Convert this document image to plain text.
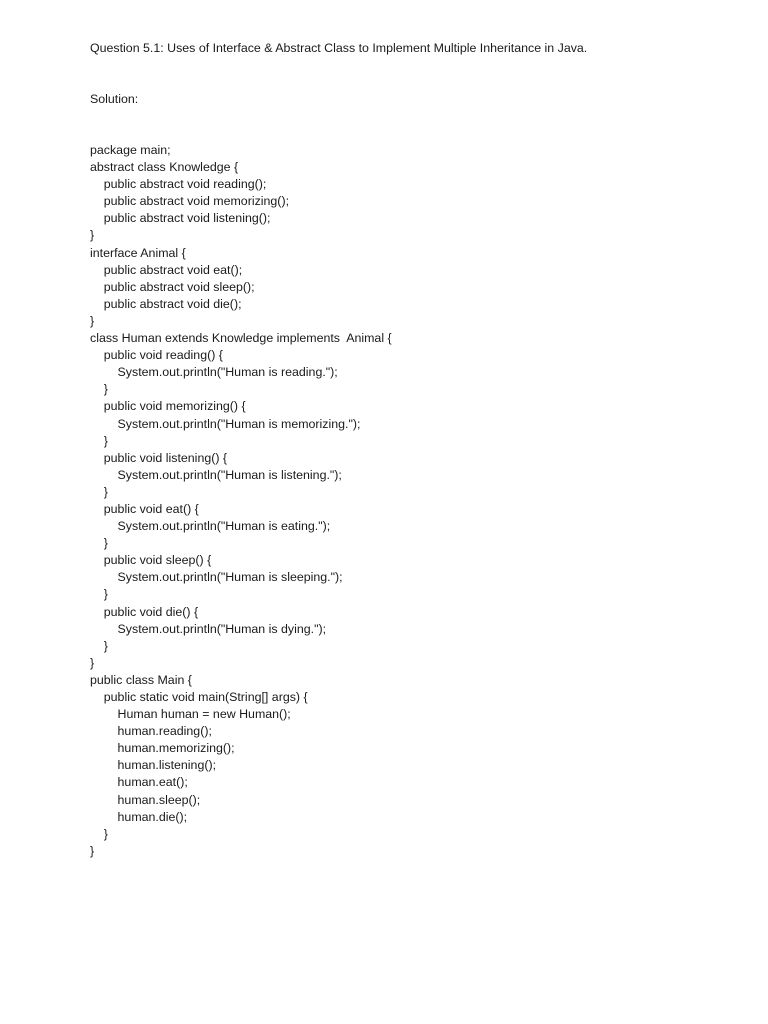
Question 5.1: Uses of Interface & Abstract Class to Implement Multiple Inheritance in Java.
Solution:
package main;
abstract class Knowledge {
public abstract void reading();
public abstract void memorizing();
public abstract void listening();
}
interface Animal {
public abstract void eat();
public abstract void sleep();
public abstract void die();
}
class Human extends Knowledge implements  Animal {
public void reading() {
System.out.println("Human is reading.");
}
public void memorizing() {
System.out.println("Human is memorizing.");
}
public void listening() {
System.out.println("Human is listening.");
}
public void eat() {
System.out.println("Human is eating.");
}
public void sleep() {
System.out.println("Human is sleeping.");
}
public void die() {
System.out.println("Human is dying.");
}
}
public class Main {
public static void main(String[] args) {
Human human = new Human();
human.reading();
human.memorizing();
human.listening();
human.eat();
human.sleep();
human.die();
}
}
